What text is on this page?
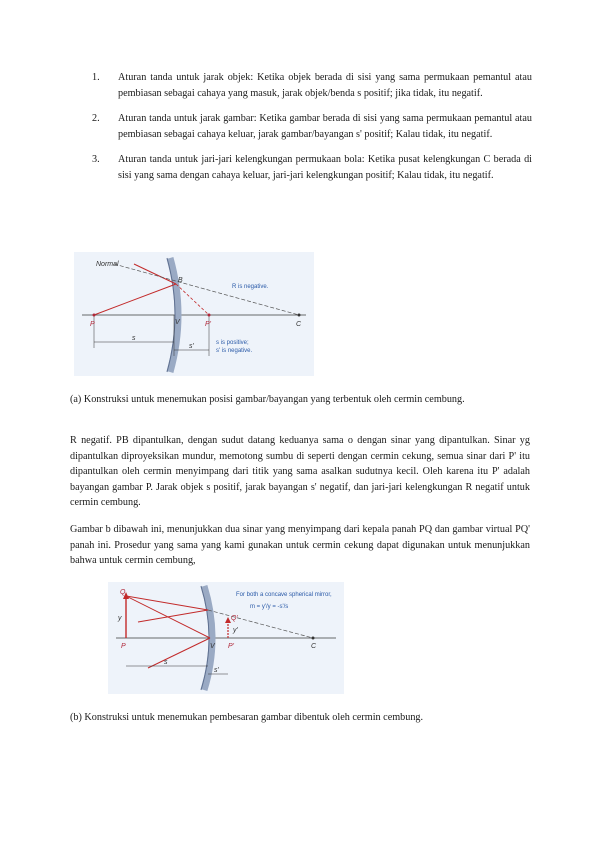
1. Aturan tanda untuk jarak objek: Ketika objek berada di sisi yang sama permukaan pemantul atau pembiasan sebagai cahaya yang masuk, jarak objek/benda s positif; jika tidak, itu negatif.
2. Aturan tanda untuk jarak gambar: Ketika gambar berada di sisi yang sama permukaan pemantul atau pembiasan sebagai cahaya keluar, jarak gambar/bayangan s' positif; Kalau tidak, itu negatif.
3. Aturan tanda untuk jari-jari kelengkungan permukaan bola: Ketika pusat kelengkungan C berada di sisi yang sama dengan cahaya keluar, jari-jari kelengkungan positif; Kalau tidak, itu negatif.
Normal
R is negative.
s is positive;
s' is negative.
P	P'	C
B
V
s
s'

(a) Konstruksi untuk menemukan posisi gambar/bayangan yang terbentuk oleh cermin cembung.

R negatif. PB dipantulkan, dengan sudut datang keduanya sama o dengan sinar yang dipantulkan. Sinar yg dipantulkan diproyeksikan mundur, memotong sumbu di seperti dengan cermin cekung, semua sinar dari P' itu dipantulkan oleh cermin menyimpang dari titik yang sama asalkan sudutnya kecil. Oleh karena itu P' adalah bayangan gambar P. Jarak objek s positif, jarak bayangan s' negatif, dan jari-jari kelengkungan R negatif untuk cermin cembung.

Gambar b dibawah ini, menunjukkan dua sinar yang menyimpang dari kepala panah PQ dan gambar virtual PQ' panah ini. Prosedur yang sama yang kami gunakan untuk cermin cekung dapat digunakan untuk menunjukkan bahwa untuk cermin cembung,

For both a concave spherical mirror,
m = y'/y = -s'/s
Q
Q'
P	P'	C
V
y
y'
s
s'

(b) Konstruksi untuk menemukan pembesaran gambar dibentuk oleh cermin cembung.
